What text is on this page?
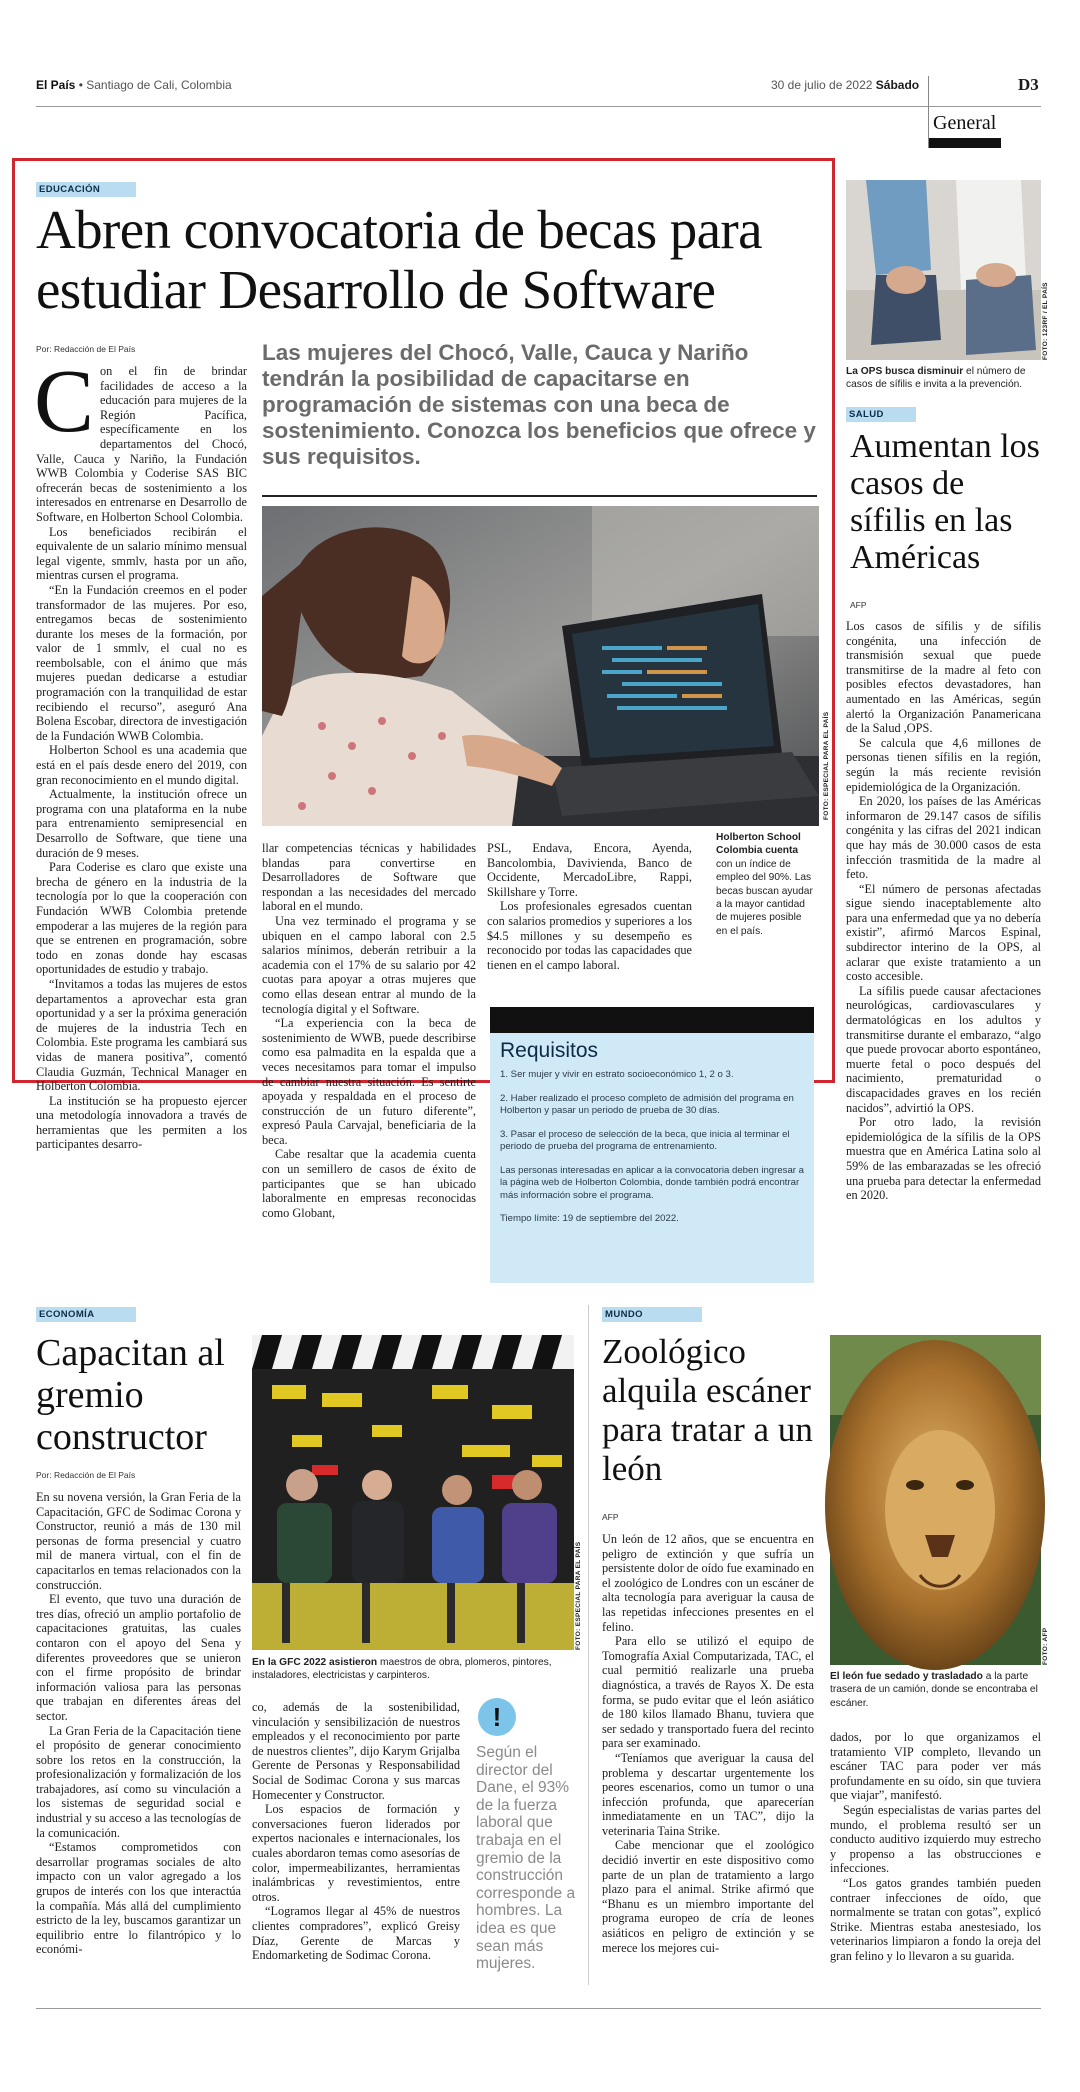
El País • Santiago de Cali, Colombia	30 de julio de 2022 Sábado	D3
General
EDUCACIÓN
Abren convocatoria de becas para estudiar Desarrollo de Software
Por: Redacción de El País
C on el fin de brindar facilidades de acceso a la educación para mujeres de la Región Pacífica, específicamente en los departamentos del Chocó, Valle, Cauca y Nariño, la Fundación WWB Colombia y Coderise SAS BIC ofrecerán becas de sostenimiento a los interesados en entrenarse en Desarrollo de Software, en Holberton School Colombia.

Los beneficiados recibirán el equivalente de un salario mínimo mensual legal vigente, smmlv, hasta por un año, mientras cursen el programa.

“En la Fundación creemos en el poder transformador de las mujeres. Por eso, entregamos becas de sostenimiento durante los meses de la formación, por valor de 1 smmlv, el cual no es reembolsable, con el ánimo que más mujeres puedan dedicarse a estudiar programación con la tranquilidad de estar recibiendo el recurso”, aseguró Ana Bolena Escobar, directora de investigación de la Fundación WWB Colombia.

Holberton School es una academia que está en el país desde enero del 2019, con gran reconocimiento en el mundo digital.

Actualmente, la institución ofrece un programa con una plataforma en la nube para entrenamiento semipresencial en Desarrollo de Software, que tiene una duración de 9 meses.

Para Coderise es claro que existe una brecha de género en la industria de la tecnología por lo que la cooperación con Fundación WWB Colombia pretende empoderar a las mujeres de la región para que se entrenen en programación, sobre todo en zonas donde hay escasas oportunidades de estudio y trabajo.

“Invitamos a todas las mujeres de estos departamentos a aprovechar esta gran oportunidad y a ser la próxima generación de mujeres de la industria Tech en Colombia. Este programa les cambiará sus vidas de manera positiva”, comentó Claudia Guzmán, Technical Manager en Holberton Colombia.

La institución se ha propuesto ejercer una metodología innovadora a través de herramientas que les permiten a los participantes desarro-

Las mujeres del Chocó, Valle, Cauca y Nariño tendrán la posibilidad de capacitarse en programación de sistemas con una beca de sostenimiento. Conozca los beneficios que ofrece y sus requisitos.
FOTO: ESPECIAL PARA EL PAÍS

llar competencias técnicas y habilidades blandas para convertirse en Desarrolladores de Software que respondan a las necesidades del mercado laboral en el mundo.

Una vez terminado el programa y se ubiquen en el campo laboral con 2.5 salarios mínimos, deberán retribuir a la academia con el 17% de su salario por 42 cuotas para apoyar a otras mujeres que como ellas desean entrar al mundo de la tecnología digital y el Software.

“La experiencia con la beca de sostenimiento de WWB, puede describirse como esa palmadita en la espalda que a veces necesitamos para tomar el impulso de cambiar nuestra situación. Es sentirte apoyada y respaldada en el proceso de construcción de un futuro diferente”, expresó Paula Carvajal, beneficiaria de la beca.

Cabe resaltar que la academia cuenta con un semillero de casos de éxito de participantes que se han ubicado laboralmente en empresas reconocidas como Globant,

PSL, Endava, Encora, Ayenda, Bancolombia, Davivienda, Banco de Occidente, MercadoLibre, Rappi, Skillshare y Torre.

Los profesionales egresados cuentan con salarios promedios y superiores a los $4.5 millones y su desempeño es reconocido por todas las capacidades que tienen en el campo laboral.

Holberton School Colombia cuenta con un índice de empleo del 90%. Las becas buscan ayudar a la mayor cantidad de mujeres posible en el país.
Requisitos
1. Ser mujer y vivir en estrato socioeconómico 1, 2 o 3.
2. Haber realizado el proceso completo de admisión del programa en Holberton y pasar un periodo de prueba de 30 días.
3. Pasar el proceso de selección de la beca, que inicia al terminar el periodo de prueba del programa de entrenamiento.
Las personas interesadas en aplicar a la convocatoria deben ingresar a la página web de Holberton Colombia, donde también podrá encontrar más información sobre el programa.
Tiempo límite: 19 de septiembre del 2022.
FOTO: 123RF / EL PAÍS
La OPS busca disminuir el número de casos de sífilis e invita a la prevención.
SALUD
Aumentan los casos de sífilis en las Américas
AFP

Los casos de sífilis y de sífilis congénita, una infección de transmisión sexual que puede transmitirse de la madre al feto con posibles efectos devastadores, han aumentado en las Américas, según alertó la Organización Panamericana de la Salud ,OPS.

Se calcula que 4,6 millones de personas tienen sífilis en la región, según la más reciente revisión epidemiológica de la Organización.

En 2020, los países de las Américas informaron de 29.147 casos de sífilis congénita y las cifras del 2021 indican que hay más de 30.000 casos de esta infección trasmitida de la madre al feto.

“El número de personas afectadas sigue siendo inaceptablemente alto para una enfermedad que ya no debería existir”, afirmó Marcos Espinal, subdirector interino de la OPS, al aclarar que existe tratamiento a un costo accesible.

La sífilis puede causar afectaciones neurológicas, cardiovasculares y dermatológicas en los adultos y transmitirse durante el embarazo, “algo que puede provocar aborto espontáneo, muerte fetal o poco después del nacimiento, prematuridad o discapacidades graves en los recién nacidos”, advirtió la OPS.

Por otro lado, la revisión epidemiológica de la sífilis de la OPS muestra que en América Latina solo al 59% de las embarazadas se les ofreció una prueba para detectar la enfermedad en 2020.

ECONOMÍA
Capacitan al gremio constructor
Por: Redacción de El País

En su novena versión, la Gran Feria de la Capacitación, GFC de Sodimac Corona y Constructor, reunió a más de 130 mil personas de forma presencial y cuatro mil de manera virtual, con el fin de capacitarlos en temas relacionados con la construcción.

El evento, que tuvo una duración de tres días, ofreció un amplio portafolio de capacitaciones gratuitas, las cuales contaron con el apoyo del Sena y diferentes proveedores que se unieron con el firme propósito de brindar información valiosa para las personas que trabajan en diferentes áreas del sector.

La Gran Feria de la Capacitación tiene el propósito de generar conocimiento sobre los retos en la construcción, la profesionalización y formalización de los trabajadores, así como su vinculación a los sistemas de seguridad social e industrial y su acceso a las tecnologías de la comunicación.

“Estamos comprometidos con desarrollar programas sociales de alto impacto con un valor agregado a los grupos de interés con los que interactúa la compañía. Más allá del cumplimiento estricto de la ley, buscamos garantizar un equilibrio entre lo filantrópico y lo económi-

FOTO: ESPECIAL PARA EL PAÍS
En la GFC 2022 asistieron maestros de obra, plomeros, pintores, instaladores, electricistas y carpinteros.

co, además de la sostenibilidad, vinculación y sensibilización de nuestros empleados y el reconocimiento por parte de nuestros clientes”, dijo Karym Grijalba Gerente de Personas y Responsabilidad Social de Sodimac Corona y sus marcas Homecenter y Constructor.

Los espacios de formación y conversaciones fueron liderados por expertos nacionales e internacionales, los cuales abordaron temas como asesorías de color, impermeabilizantes, herramientas inalámbricas y revestimientos, entre otros.

“Logramos llegar al 45% de nuestros clientes compradores”, explicó Greisy Díaz, Gerente de Marcas y Endomarketing de Sodimac Corona.

!
Según el director del Dane, el 93% de la fuerza laboral que trabaja en el gremio de la construcción corresponde a hombres. La idea es que sean más mujeres.
MUNDO
Zoológico alquila escáner para tratar a un león
AFP

Un león de 12 años, que se encuentra en peligro de extinción y que sufría un persistente dolor de oído fue examinado en el zoológico de Londres con un escáner de alta tecnología para averiguar la causa de las repetidas infecciones presentes en el felino.

Para ello se utilizó el equipo de Tomografía Axial Computarizada, TAC, el cual permitió realizarle una prueba diagnóstica, a través de Rayos X. De esta forma, se pudo evitar que el león asiático de 180 kilos llamado Bhanu, tuviera que ser sedado y transportado fuera del recinto para ser examinado.

“Teníamos que averiguar la causa del problema y descartar urgentemente los peores escenarios, como un tumor o una infección profunda, que aparecerían inmediatamente en un TAC”, dijo la veterinaria Taina Strike.

Cabe mencionar que el zoológico decidió invertir en este dispositivo como parte de un plan de tratamiento a largo plazo para el animal. Strike afirmó que “Bhanu es un miembro importante del programa europeo de cría de leones asiáticos en peligro de extinción y se merece los mejores cui-

FOTO: AFP
El león fue sedado y trasladado a la parte trasera de un camión, donde se encontraba el escáner.

dados, por lo que organizamos el tratamiento VIP completo, llevando un escáner TAC para poder ver más profundamente en su oído, sin que tuviera que viajar”, manifestó.

Según especialistas de varias partes del mundo, el problema resultó ser un conducto auditivo izquierdo muy estrecho y propenso a las obstrucciones e infecciones.

“Los gatos grandes también pueden contraer infecciones de oído, que normalmente se tratan con gotas”, explicó Strike. Mientras estaba anestesiado, los veterinarios limpiaron a fondo la oreja del gran felino y lo llevaron a su guarida.
